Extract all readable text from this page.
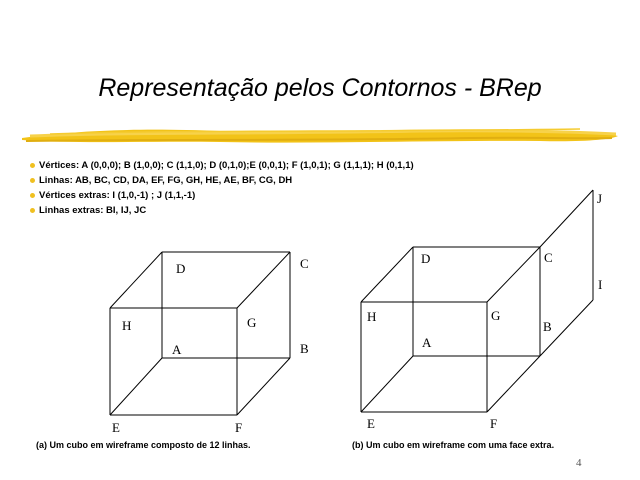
Representação pelos Contornos - BRep
Vértices: A (0,0,0); B (1,0,0); C (1,1,0); D (0,1,0);E (0,0,1); F (1,0,1); G (1,1,1); H (0,1,1)
Linhas: AB, BC, CD, DA, EF, FG, GH, HE, AE, BF, CG, DH
Vértices extras: I (1,0,-1) ; J (1,1,-1)
Linhas extras: BI, IJ, JC
D	C
H	G
A	B
E	F
J
D	C
I
H	G
B
A
E	F
(a) Um cubo em wireframe composto de 12 linhas.	(b) Um cubo em wireframe com uma face extra.
4
